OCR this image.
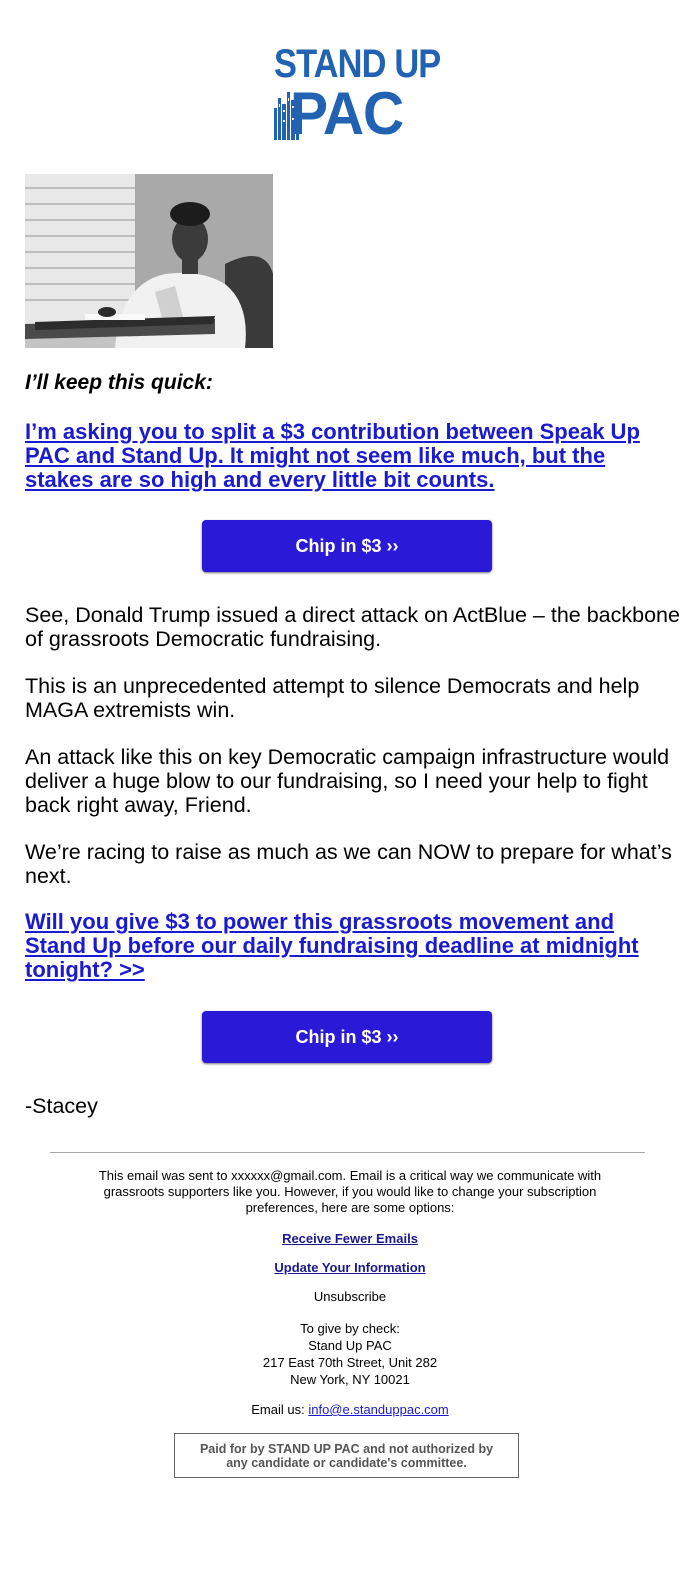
STAND UP
PAC
I’ll keep this quick:
I’m asking you to split a $3 contribution between Speak Up PAC and Stand Up. It might not seem like much, but the stakes are so high and every little bit counts.
Chip in $3 ››
See, Donald Trump issued a direct attack on ActBlue – the backbone of grassroots Democratic fundraising.
This is an unprecedented attempt to silence Democrats and help MAGA extremists win.
An attack like this on key Democratic campaign infrastructure would deliver a huge blow to our fundraising, so I need your help to fight back right away, Friend.
We’re racing to raise as much as we can NOW to prepare for what’s next.
Will you give $3 to power this grassroots movement and Stand Up before our daily fundraising deadline at midnight tonight? >>
Chip in $3 ››
-Stacey
This email was sent to xxxxxx@gmail.com. Email is a critical way we communicate with grassroots supporters like you. However, if you would like to change your subscription preferences, here are some options:
Receive Fewer Emails
Update Your Information
Unsubscribe
To give by check:
Stand Up PAC
217 East 70th Street, Unit 282
New York, NY 10021
Email us: info@e.standuppac.com
Paid for by STAND UP PAC and not authorized by any candidate or candidate's committee.
